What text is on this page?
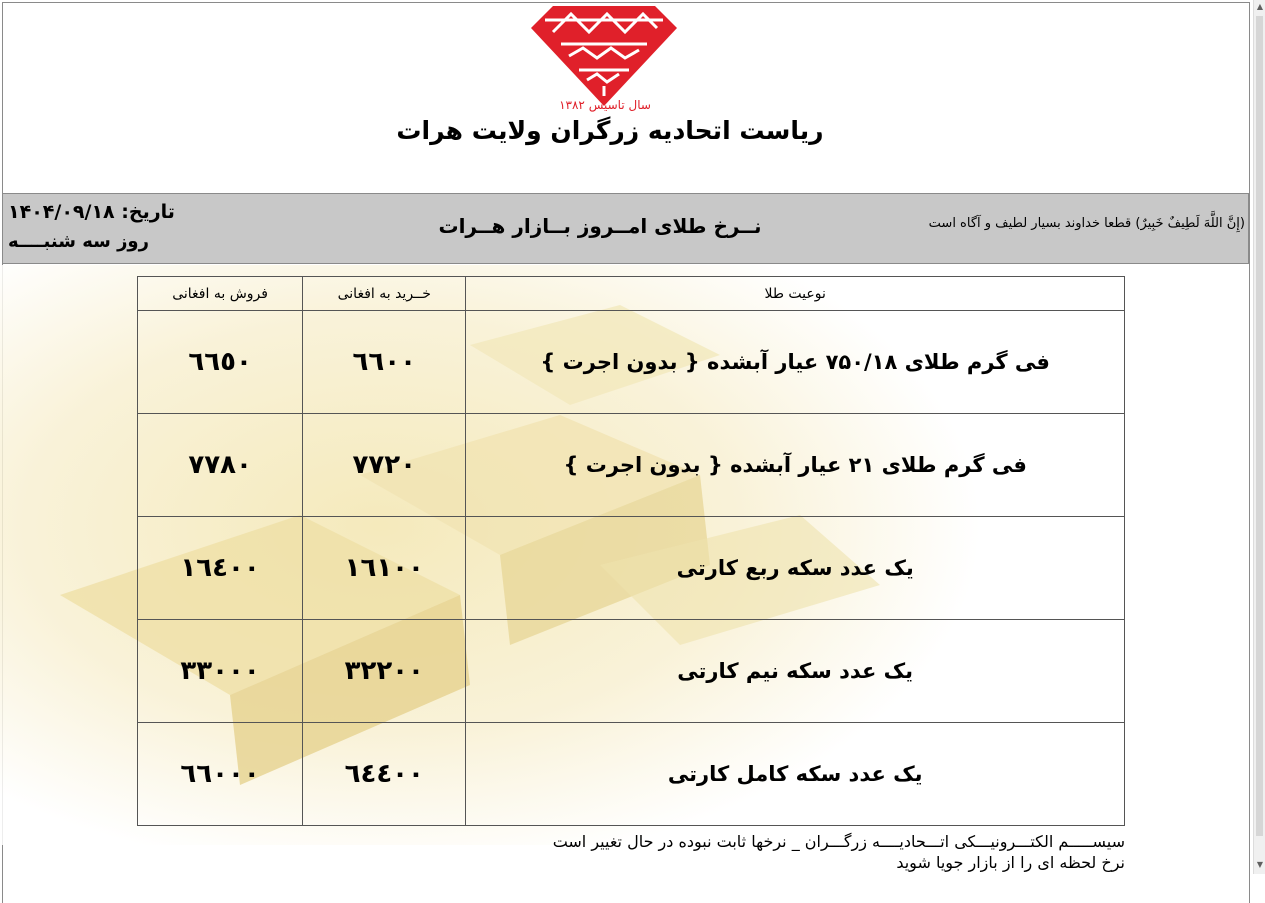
سال تاسیس ۱۳۸۲
ریاست اتحادیه زرگران ولایت هرات
تاریخ: ۱۴۰۴/۰۹/۱۸
روز سه شنبــــه
نــرخ طلای امــروز بــازار هــرات	(إِنَّ اللَّهَ لَطِيفٌ خَبِيرٌ) قطعا خداوند بسیار لطیف و آگاه است
نوعیت طلا	خــرید به افغانی	فروش به افغانی
فی گرم طلای ۷۵۰/۱۸ عیار آبشده { بدون اجرت }	٦٦٠٠	٦٦٥٠
فی گرم طلای ۲۱ عیار آبشده { بدون اجرت }	٧٧٢٠	٧٧٨٠
یک عدد سکه ربع کارتی	١٦١٠٠	١٦٤٠٠
یک عدد سکه نیم کارتی	٣٢٢٠٠	٣٣٠٠٠
یک عدد سکه کامل کارتی	٦٤٤٠٠	٦٦٠٠٠
سیســـــم الکتـــرونیـــکی اتـــحادیــــه زرگـــران _ نرخها ثابت نبوده در حال تغییر است
نرخ لحظه ای را از بازار جویا شوید
▲
▼
